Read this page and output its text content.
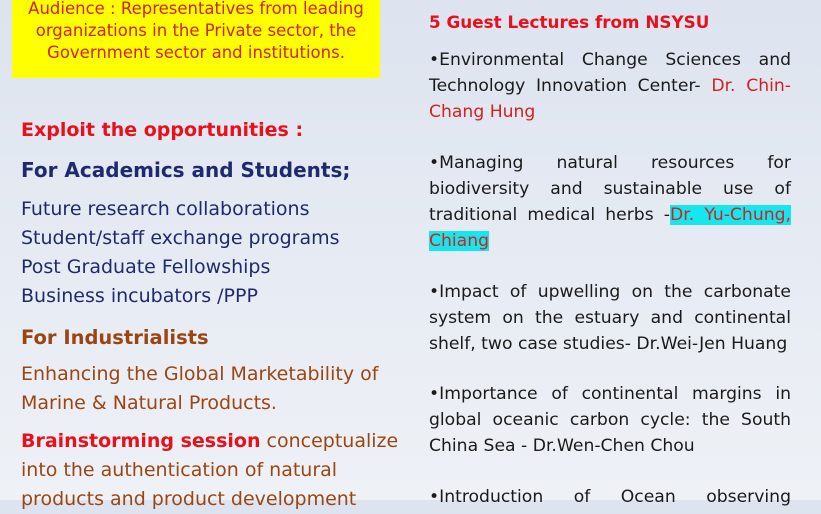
Audience : Representatives from leading
organizations in the Private sector, the
Government sector and institutions.
Exploit the opportunities :
For Academics and Students;
Future research collaborations
Student/staff exchange programs
Post Graduate Fellowships
Business incubators /PPP
For Industrialists
Enhancing the Global Marketability of
Marine & Natural Products.
Brainstorming session conceptualize
into the authentication of natural
products and product development
5 Guest Lectures from NSYSU
•Environmental Change Sciences and
Technology Innovation Center- Dr. Chin-
Chang Hung
•Managing natural resources for
biodiversity and sustainable use of
traditional medical herbs -Dr. Yu-Chung,
Chiang
•Impact of upwelling on the carbonate
system on the estuary and continental
shelf, two case studies- Dr.Wei-Jen Huang
•Importance of continental margins in
global oceanic carbon cycle: the South
China Sea - Dr.Wen-Chen Chou
•Introduction of Ocean observing
